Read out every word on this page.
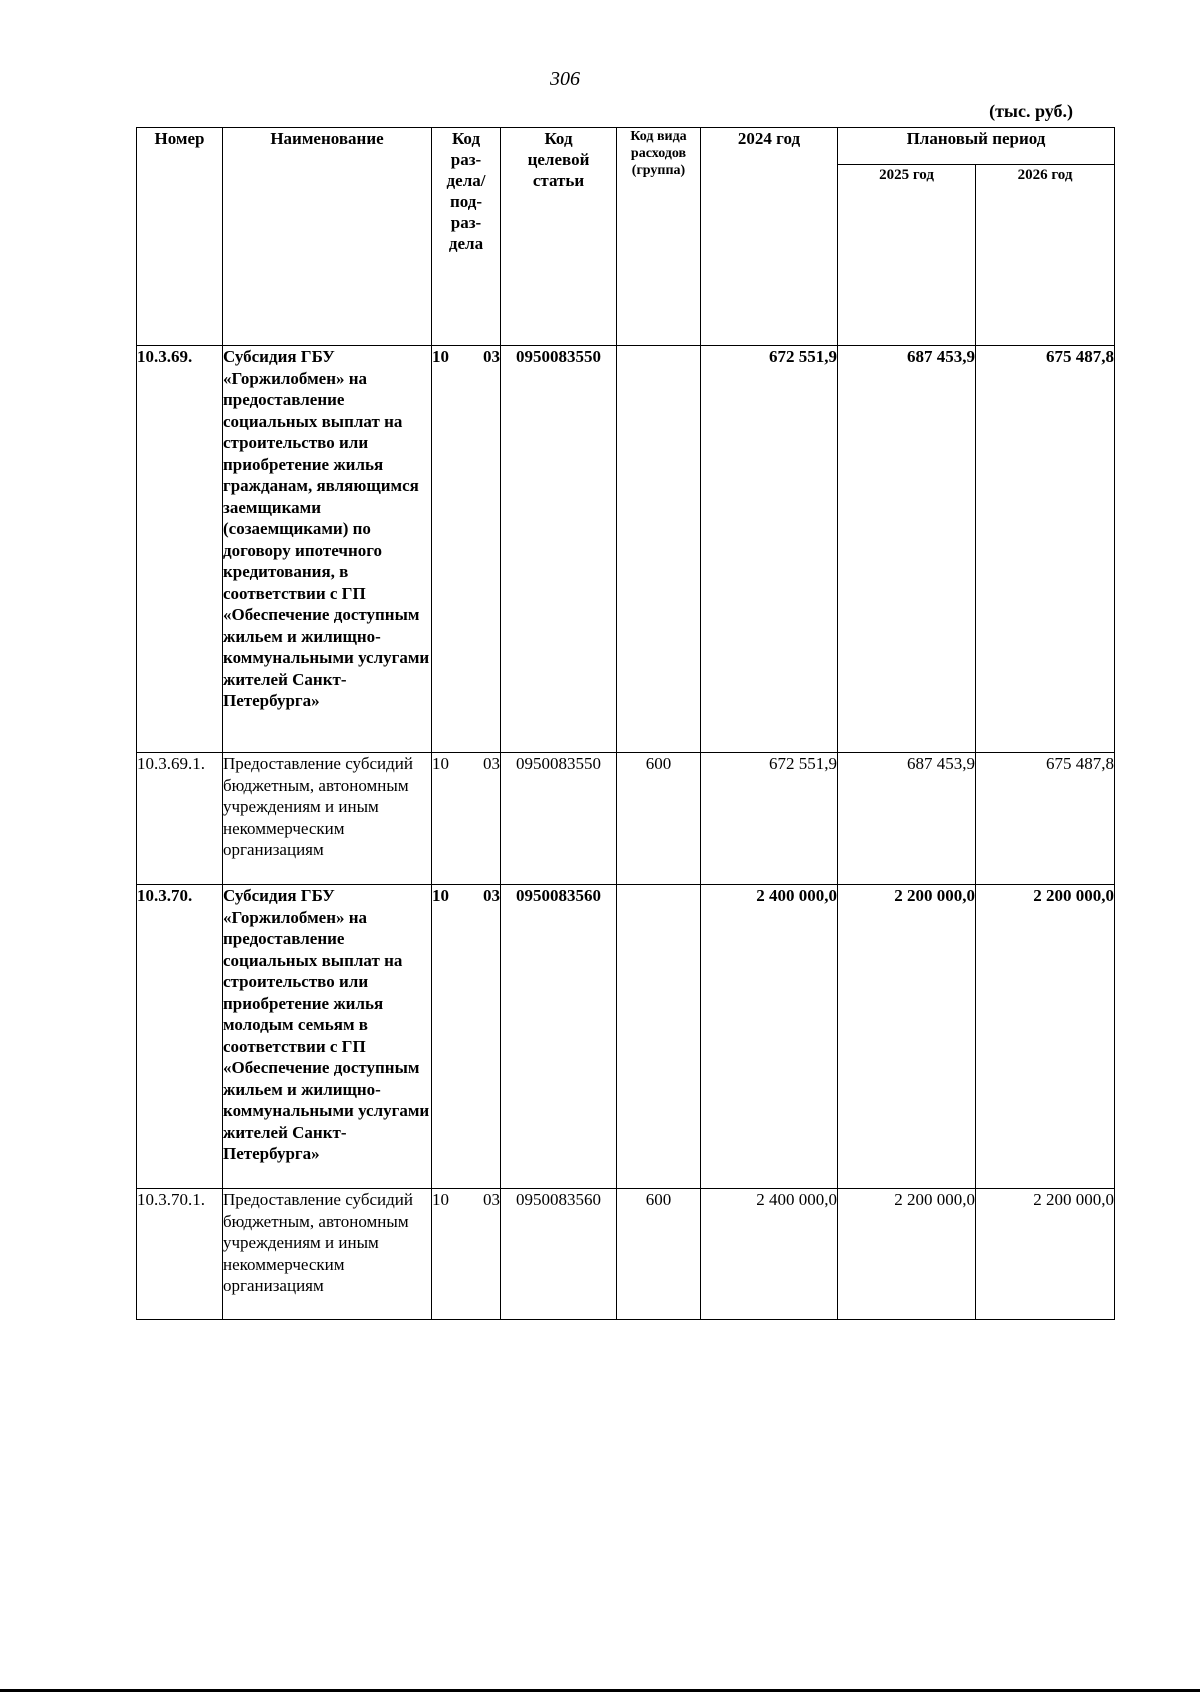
306
(тыс. руб.)
Номер	Наименование	Код раз-дела/ под-раз-дела	Код целевой статьи	Код вида расходов (группа)	2024 год	Плановый период	
						2025 год	2026 год
10.3.69.	Субсидия ГБУ «Горжилобмен» на предоставление социальных выплат на строительство или приобретение жилья гражданам, являющимся заемщиками (созаемщиками) по договору ипотечного кредитования, в соответствии с ГП «Обеспечение доступным жильем и жилищно-коммунальными услугами жителей Санкт-Петербурга»	10 03	0950083550		672 551,9	687 453,9	675 487,8
10.3.69.1.	Предоставление субсидий бюджетным, автономным учреждениям и иным некоммерческим организациям	10 03	0950083550	600	672 551,9	687 453,9	675 487,8
10.3.70.	Субсидия ГБУ «Горжилобмен» на предоставление социальных выплат на строительство или приобретение жилья молодым семьям в соответствии с ГП «Обеспечение доступным жильем и жилищно-коммунальными услугами жителей Санкт-Петербурга»	10 03	0950083560		2 400 000,0	2 200 000,0	2 200 000,0
10.3.70.1.	Предоставление субсидий бюджетным, автономным учреждениям и иным некоммерческим организациям	10 03	0950083560	600	2 400 000,0	2 200 000,0	2 200 000,0
